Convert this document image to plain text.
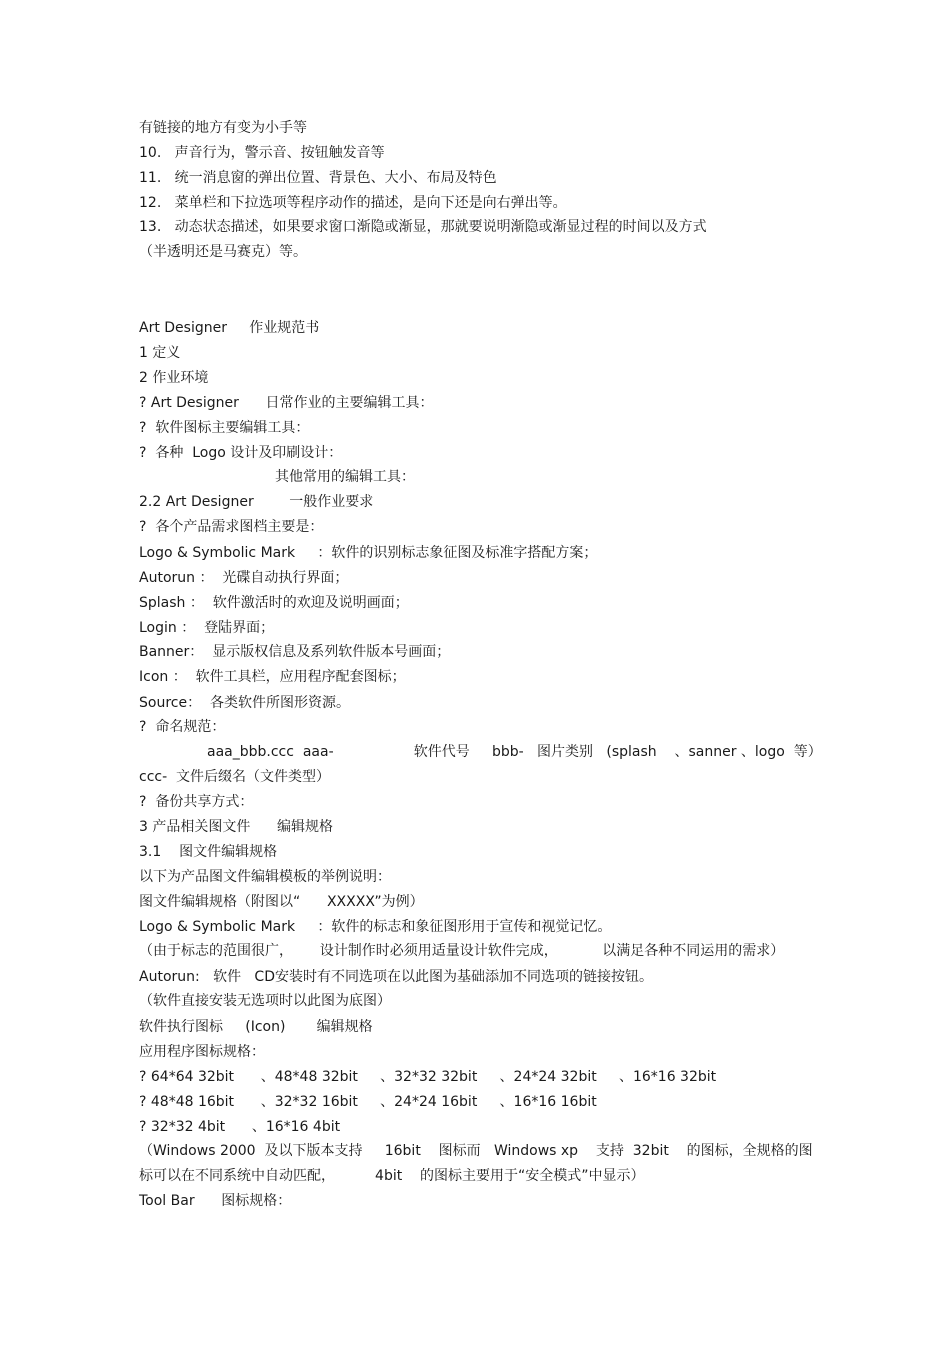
有链接的地方有变为小手等

10.   声音行为，警示音、按钮触发音等

11.   统一消息窗的弹出位置、背景色、大小、布局及特色

12.   菜单栏和下拉选项等程序动作的描述，是向下还是向右弹出等。

13.   动态状态描述，如果要求窗口渐隐或渐显，那就要说明渐隐或渐显过程的时间以及方式

（半透明还是马赛克）等。

Art Designer     作业规范书

1 定义

2 作业环境

? Art Designer      日常作业的主要编辑工具：

?  软件图标主要编辑工具：

?  各种  Logo 设计及印刷设计：

其他常用的编辑工具：

2.2 Art Designer        一般作业要求

?  各个产品需求图档主要是：

Logo & Symbolic Mark     ：软件的识别标志象征图及标准字搭配方案；

Autorun ：  光碟自动执行界面；

Splash ：  软件激活时的欢迎及说明画面；

Login ：  登陆界面；

Banner：  显示版权信息及系列软件版本号画面；

Icon ：  软件工具栏，应用程序配套图标；

Source：  各类软件所图形资源。

?  命名规范：

aaa_bbb.ccc  aaa-                  软件代号     bbb-   图片类别   (splash    、sanner 、logo  等）

ccc-  文件后缀名（文件类型）

?  备份共享方式：

3 产品相关图文件      编辑规格

3.1    图文件编辑规格

以下为产品图文件编辑模板的举例说明：

图文件编辑规格（附图以“      XXXXX”为例）

Logo & Symbolic Mark     ：软件的标志和象征图形用于宣传和视觉记忆。

（由于标志的范围很广，      设计制作时必须用适量设计软件完成，          以满足各种不同运用的需求）

Autorun:   软件   CD安装时有不同选项在以此图为基础添加不同选项的链接按钮。

（软件直接安装无选项时以此图为底图）

软件执行图标     (Icon)       编辑规格

应用程序图标规格：

? 64*64 32bit      、48*48 32bit     、32*32 32bit     、24*24 32bit     、16*16 32bit

? 48*48 16bit      、32*32 16bit     、24*24 16bit     、16*16 16bit

? 32*32 4bit      、16*16 4bit

（Windows 2000  及以下版本支持     16bit    图标而   Windows xp    支持  32bit    的图标，全规格的图

标可以在不同系统中自动匹配，         4bit    的图标主要用于“安全模式”中显示）

Tool Bar      图标规格：
